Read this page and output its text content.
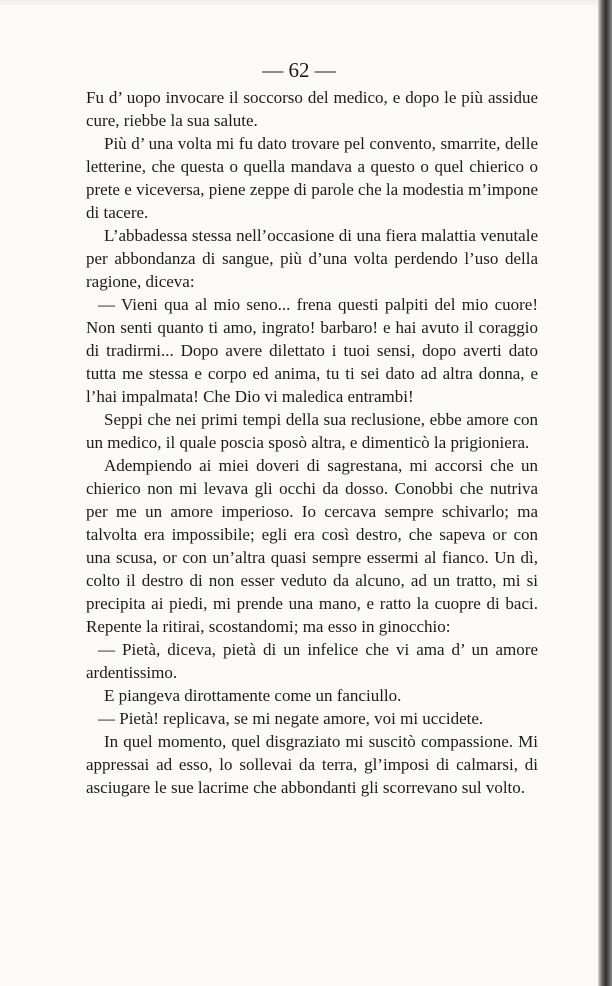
— 62 —

Fu d’ uopo invocare il soccorso del medico, e dopo le più assidue cure, riebbe la sua salute.

Più d’ una volta mi fu dato trovare pel convento, smarrite, delle letterine, che questa o quella mandava a questo o quel chierico o prete e viceversa, piene zeppe di parole che la modestia m’impone di tacere.

L’abbadessa stessa nell’occasione di una fiera malattia venutale per abbondanza di sangue, più d’una volta perdendo l’uso della ragione, diceva:

— Vieni qua al mio seno... frena questi palpiti del mio cuore! Non senti quanto ti amo, ingrato! barbaro! e hai avuto il coraggio di tradirmi... Dopo avere dilettato i tuoi sensi, dopo averti dato tutta me stessa e corpo ed anima, tu ti sei dato ad altra donna, e l’hai impalmata! Che Dio vi maledica entrambi!

Seppi che nei primi tempi della sua reclusione, ebbe amore con un medico, il quale poscia sposò altra, e dimenticò la prigioniera.

Adempiendo ai miei doveri di sagrestana, mi accorsi che un chierico non mi levava gli occhi da dosso. Conobbi che nutriva per me un amore imperioso. Io cercava sempre schivarlo; ma talvolta era impossibile; egli era così destro, che sapeva or con una scusa, or con un’altra quasi sempre essermi al fianco. Un dì, colto il destro di non esser veduto da alcuno, ad un tratto, mi si precipita ai piedi, mi prende una mano, e ratto la cuopre di baci. Repente la ritirai, scostandomi; ma esso in ginocchio:

— Pietà, diceva, pietà di un infelice che vi ama d’ un amore ardentissimo.

E piangeva dirottamente come un fanciullo.

— Pietà! replicava, se mi negate amore, voi mi uccidete.

In quel momento, quel disgraziato mi suscitò compassione. Mi appressai ad esso, lo sollevai da terra, gl’imposi di calmarsi, di asciugare le sue lacrime che abbondanti gli scorrevano sul volto.
